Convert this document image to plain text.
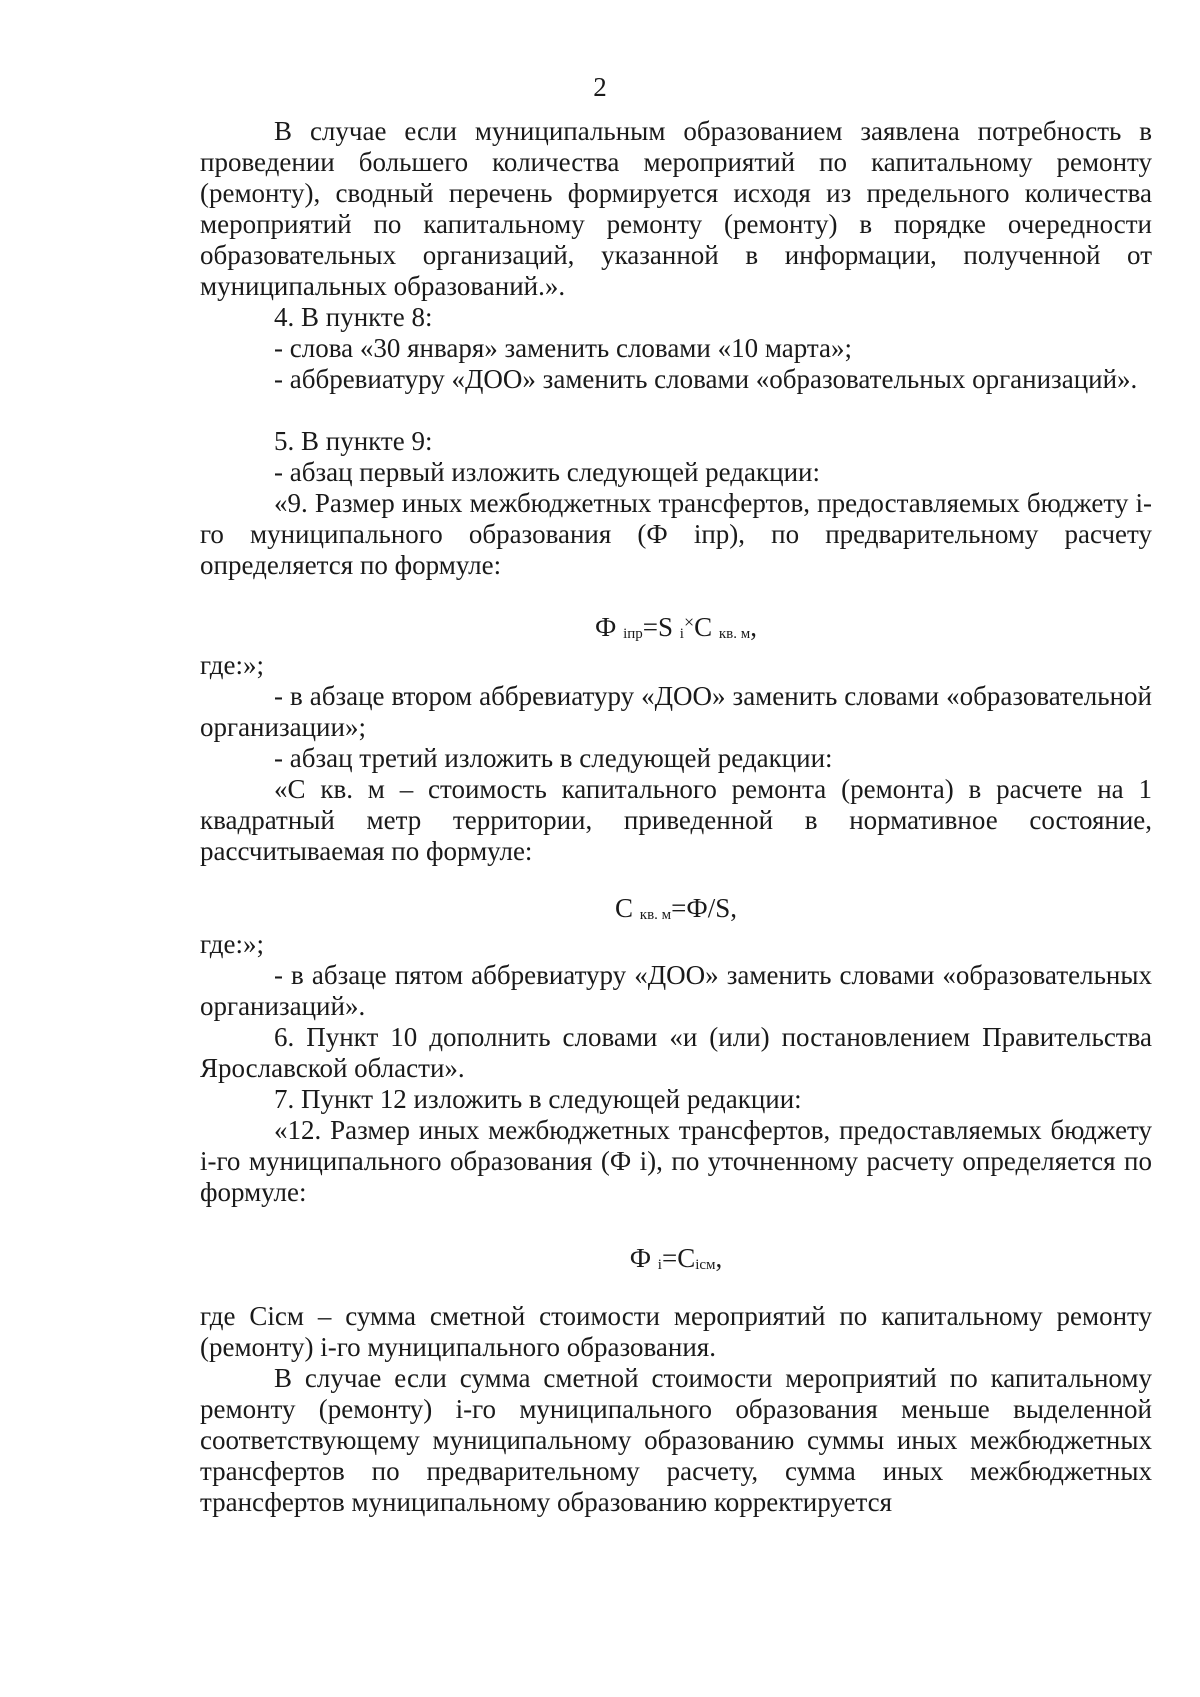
2

В случае если муниципальным образованием заявлена потребность в проведении большего количества мероприятий по капитальному ремонту (ремонту), сводный перечень формируется исходя из предельного количества мероприятий по капитальному ремонту (ремонту) в порядке очередности образовательных организаций, указанной в информации, полученной от муниципальных образований.».

4. В пункте 8:

- слова «30 января» заменить словами «10 марта»;

- аббревиатуру «ДОО» заменить словами «образовательных организаций».

5. В пункте 9:

- абзац первый изложить следующей редакции:

«9. Размер иных межбюджетных трансфертов, предоставляемых бюджету i-го муниципального образования (Ф iпр), по предварительному расчету определяется по формуле:

Ф $_{iпр}$=S $_i$×С $_{кв. м}$,

где:»;

- в абзаце втором аббревиатуру «ДОО» заменить словами «образовательной организации»;

- абзац третий изложить в следующей редакции:

«С кв. м – стоимость капитального ремонта (ремонта) в расчете на 1 квадратный метр территории, приведенной в нормативное состояние, рассчитываемая по формуле:

С $_{кв. м}$=Ф/S,

где:»;

- в абзаце пятом аббревиатуру «ДОО» заменить словами «образовательных организаций».

6. Пункт 10 дополнить словами «и (или) постановлением Правительства Ярославской области».

7. Пункт 12 изложить в следующей редакции:

«12. Размер иных межбюджетных трансфертов, предоставляемых бюджету i-го муниципального образования (Ф i), по уточненному расчету определяется по формуле:

Ф $_i=С_{iсм}$,

где Сiсм – сумма сметной стоимости мероприятий по капитальному ремонту (ремонту) i-го муниципального образования.

В случае если сумма сметной стоимости мероприятий по капитальному ремонту (ремонту) i-го муниципального образования меньше выделенной соответствующему муниципальному образованию суммы иных межбюджетных трансфертов по предварительному расчету, сумма иных межбюджетных трансфертов муниципальному образованию корректируется
